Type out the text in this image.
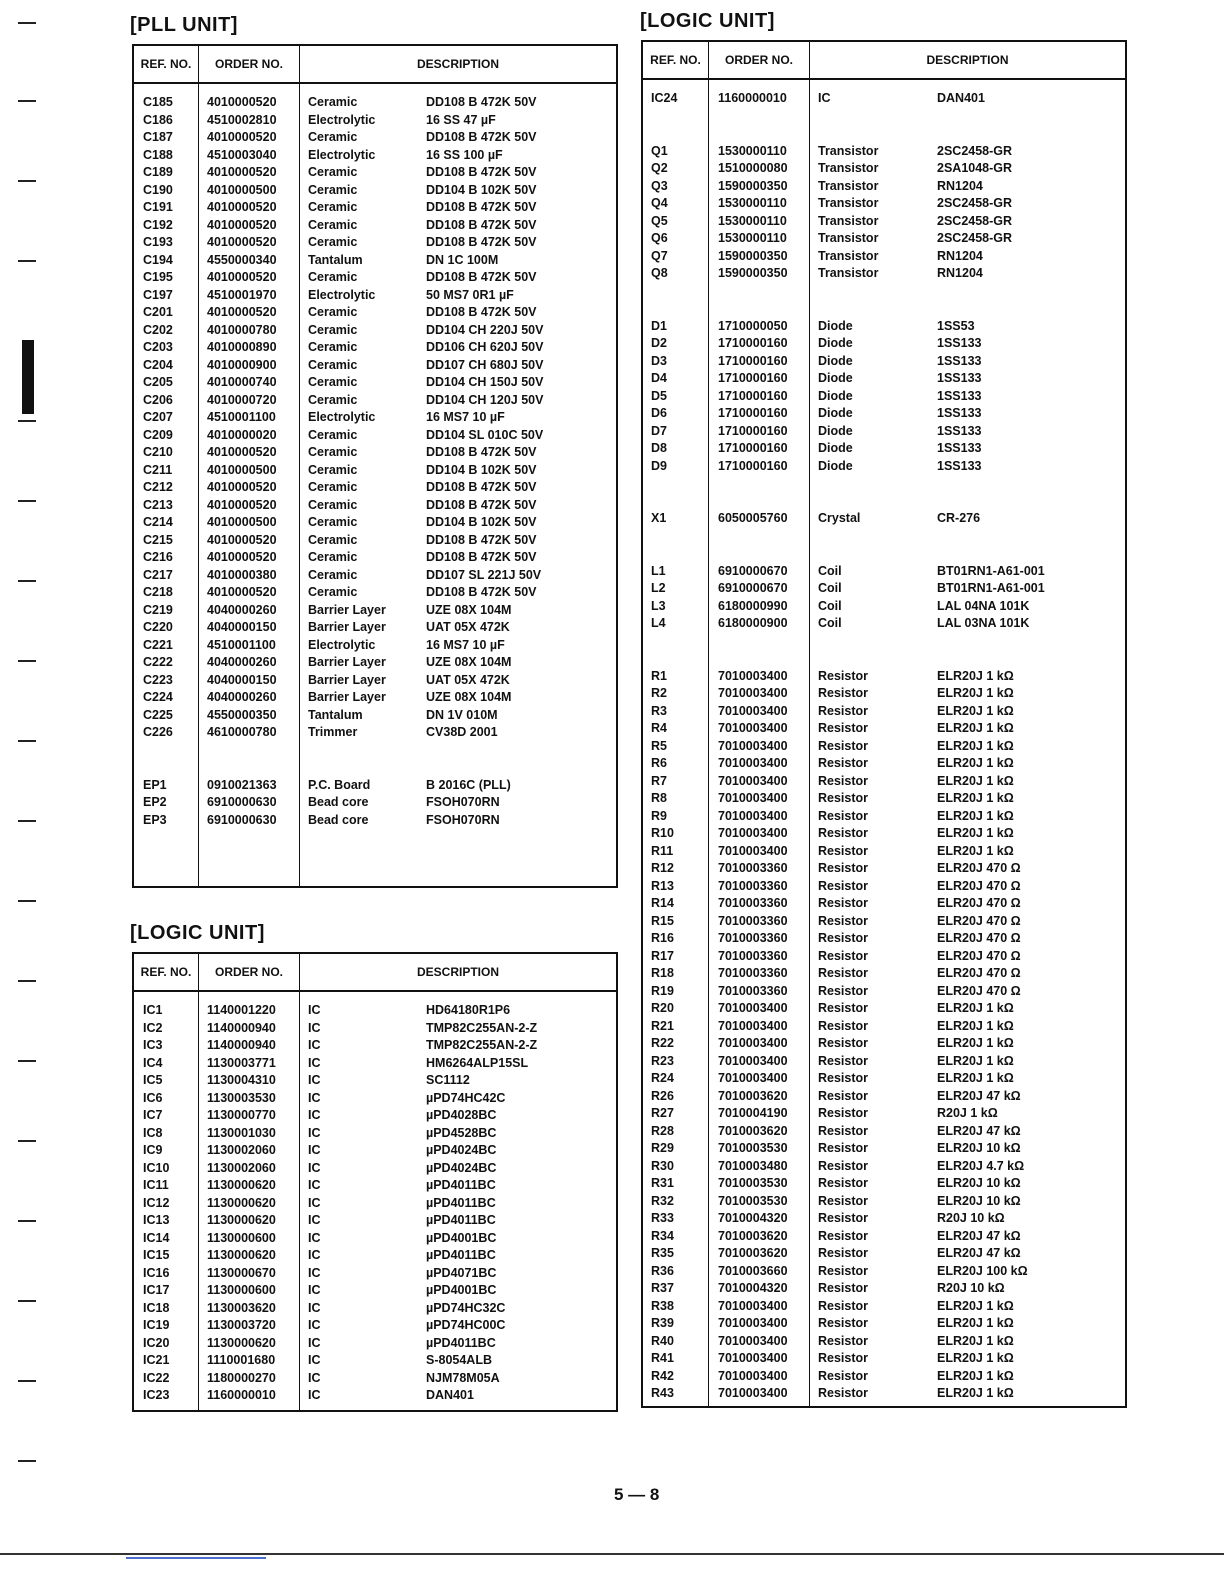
[PLL UNIT]
REF. NO.	ORDER NO.	DESCRIPTION
C185	4010000520	Ceramic	DD108 B 472K 50V
C186	4510002810	Electrolytic	16 SS 47 µF
C187	4010000520	Ceramic	DD108 B 472K 50V
C188	4510003040	Electrolytic	16 SS 100 µF
C189	4010000520	Ceramic	DD108 B 472K 50V
C190	4010000500	Ceramic	DD104 B 102K 50V
C191	4010000520	Ceramic	DD108 B 472K 50V
C192	4010000520	Ceramic	DD108 B 472K 50V
C193	4010000520	Ceramic	DD108 B 472K 50V
C194	4550000340	Tantalum	DN 1C 100M
C195	4010000520	Ceramic	DD108 B 472K 50V
C197	4510001970	Electrolytic	50 MS7 0R1 µF
C201	4010000520	Ceramic	DD108 B 472K 50V
C202	4010000780	Ceramic	DD104 CH 220J 50V
C203	4010000890	Ceramic	DD106 CH 620J 50V
C204	4010000900	Ceramic	DD107 CH 680J 50V
C205	4010000740	Ceramic	DD104 CH 150J 50V
C206	4010000720	Ceramic	DD104 CH 120J 50V
C207	4510001100	Electrolytic	16 MS7 10 µF
C209	4010000020	Ceramic	DD104 SL 010C 50V
C210	4010000520	Ceramic	DD108 B 472K 50V
C211	4010000500	Ceramic	DD104 B 102K 50V
C212	4010000520	Ceramic	DD108 B 472K 50V
C213	4010000520	Ceramic	DD108 B 472K 50V
C214	4010000500	Ceramic	DD104 B 102K 50V
C215	4010000520	Ceramic	DD108 B 472K 50V
C216	4010000520	Ceramic	DD108 B 472K 50V
C217	4010000380	Ceramic	DD107 SL 221J 50V
C218	4010000520	Ceramic	DD108 B 472K 50V
C219	4040000260	Barrier Layer	UZE 08X 104M
C220	4040000150	Barrier Layer	UAT 05X 472K
C221	4510001100	Electrolytic	16 MS7 10 µF
C222	4040000260	Barrier Layer	UZE 08X 104M
C223	4040000150	Barrier Layer	UAT 05X 472K
C224	4040000260	Barrier Layer	UZE 08X 104M
C225	4550000350	Tantalum	DN 1V 010M
C226	4610000780	Trimmer	CV38D 2001
EP1	0910021363	P.C. Board	B 2016C (PLL)
EP2	6910000630	Bead core	FSOH070RN
EP3	6910000630	Bead core	FSOH070RN
[LOGIC UNIT]
REF. NO.	ORDER NO.	DESCRIPTION
IC1	1140001220	IC	HD64180R1P6
IC2	1140000940	IC	TMP82C255AN-2-Z
IC3	1140000940	IC	TMP82C255AN-2-Z
IC4	1130003771	IC	HM6264ALP15SL
IC5	1130004310	IC	SC1112
IC6	1130003530	IC	µPD74HC42C
IC7	1130000770	IC	µPD4028BC
IC8	1130001030	IC	µPD4528BC
IC9	1130002060	IC	µPD4024BC
IC10	1130002060	IC	µPD4024BC
IC11	1130000620	IC	µPD4011BC
IC12	1130000620	IC	µPD4011BC
IC13	1130000620	IC	µPD4011BC
IC14	1130000600	IC	µPD4001BC
IC15	1130000620	IC	µPD4011BC
IC16	1130000670	IC	µPD4071BC
IC17	1130000600	IC	µPD4001BC
IC18	1130003620	IC	µPD74HC32C
IC19	1130003720	IC	µPD74HC00C
IC20	1130000620	IC	µPD4011BC
IC21	1110001680	IC	S-8054ALB
IC22	1180000270	IC	NJM78M05A
IC23	1160000010	IC	DAN401
[LOGIC UNIT]
REF. NO.	ORDER NO.	DESCRIPTION
IC24	1160000010 IC	DAN401
Q1	1530000110 Transistor	2SC2458-GR
Q2	1510000080 Transistor	2SA1048-GR
Q3	1590000350 Transistor	RN1204
Q4	1530000110 Transistor	2SC2458-GR
Q5	1530000110 Transistor	2SC2458-GR
Q6	1530000110 Transistor	2SC2458-GR
Q7	1590000350 Transistor	RN1204
Q8	1590000350 Transistor	RN1204
D1	1710000050 Diode	1SS53
D2	1710000160 Diode	1SS133
D3	1710000160 Diode	1SS133
D4	1710000160 Diode	1SS133
D5	1710000160 Diode	1SS133
D6	1710000160 Diode	1SS133
D7	1710000160 Diode	1SS133
D8	1710000160 Diode	1SS133
D9	1710000160 Diode	1SS133
X1	6050005760 Crystal	CR-276
L1	6910000670 Coil	BT01RN1-A61-001
L2	6910000670 Coil	BT01RN1-A61-001
L3	6180000990 Coil	LAL 04NA 101K
L4	6180000900 Coil	LAL 03NA 101K
R1	7010003400 Resistor	ELR20J 1 kΩ
R2	7010003400 Resistor	ELR20J 1 kΩ
R3	7010003400 Resistor	ELR20J 1 kΩ
R4	7010003400 Resistor	ELR20J 1 kΩ
R5	7010003400 Resistor	ELR20J 1 kΩ
R6	7010003400 Resistor	ELR20J 1 kΩ
R7	7010003400 Resistor	ELR20J 1 kΩ
R8	7010003400 Resistor	ELR20J 1 kΩ
R9	7010003400 Resistor	ELR20J 1 kΩ
R10	7010003400 Resistor	ELR20J 1 kΩ
R11	7010003400 Resistor	ELR20J 1 kΩ
R12	7010003360 Resistor	ELR20J 470 Ω
R13	7010003360 Resistor	ELR20J 470 Ω
R14	7010003360 Resistor	ELR20J 470 Ω
R15	7010003360 Resistor	ELR20J 470 Ω
R16	7010003360 Resistor	ELR20J 470 Ω
R17	7010003360 Resistor	ELR20J 470 Ω
R18	7010003360 Resistor	ELR20J 470 Ω
R19	7010003360 Resistor	ELR20J 470 Ω
R20	7010003400 Resistor	ELR20J 1 kΩ
R21	7010003400 Resistor	ELR20J 1 kΩ
R22	7010003400 Resistor	ELR20J 1 kΩ
R23	7010003400 Resistor	ELR20J 1 kΩ
R24	7010003400 Resistor	ELR20J 1 kΩ
R26	7010003620 Resistor	ELR20J 47 kΩ
R27	7010004190 Resistor	R20J 1 kΩ
R28	7010003620 Resistor	ELR20J 47 kΩ
R29	7010003530 Resistor	ELR20J 10 kΩ
R30	7010003480 Resistor	ELR20J 4.7 kΩ
R31	7010003530 Resistor	ELR20J 10 kΩ
R32	7010003530 Resistor	ELR20J 10 kΩ
R33	7010004320 Resistor	R20J 10 kΩ
R34	7010003620 Resistor	ELR20J 47 kΩ
R35	7010003620 Resistor	ELR20J 47 kΩ
R36	7010003660 Resistor	ELR20J 100 kΩ
R37	7010004320 Resistor	R20J 10 kΩ
R38	7010003400 Resistor	ELR20J 1 kΩ
R39	7010003400 Resistor	ELR20J 1 kΩ
R40	7010003400 Resistor	ELR20J 1 kΩ
R41	7010003400 Resistor	ELR20J 1 kΩ
R42	7010003400 Resistor	ELR20J 1 kΩ
R43	7010003400 Resistor	ELR20J 1 kΩ
5 — 8
